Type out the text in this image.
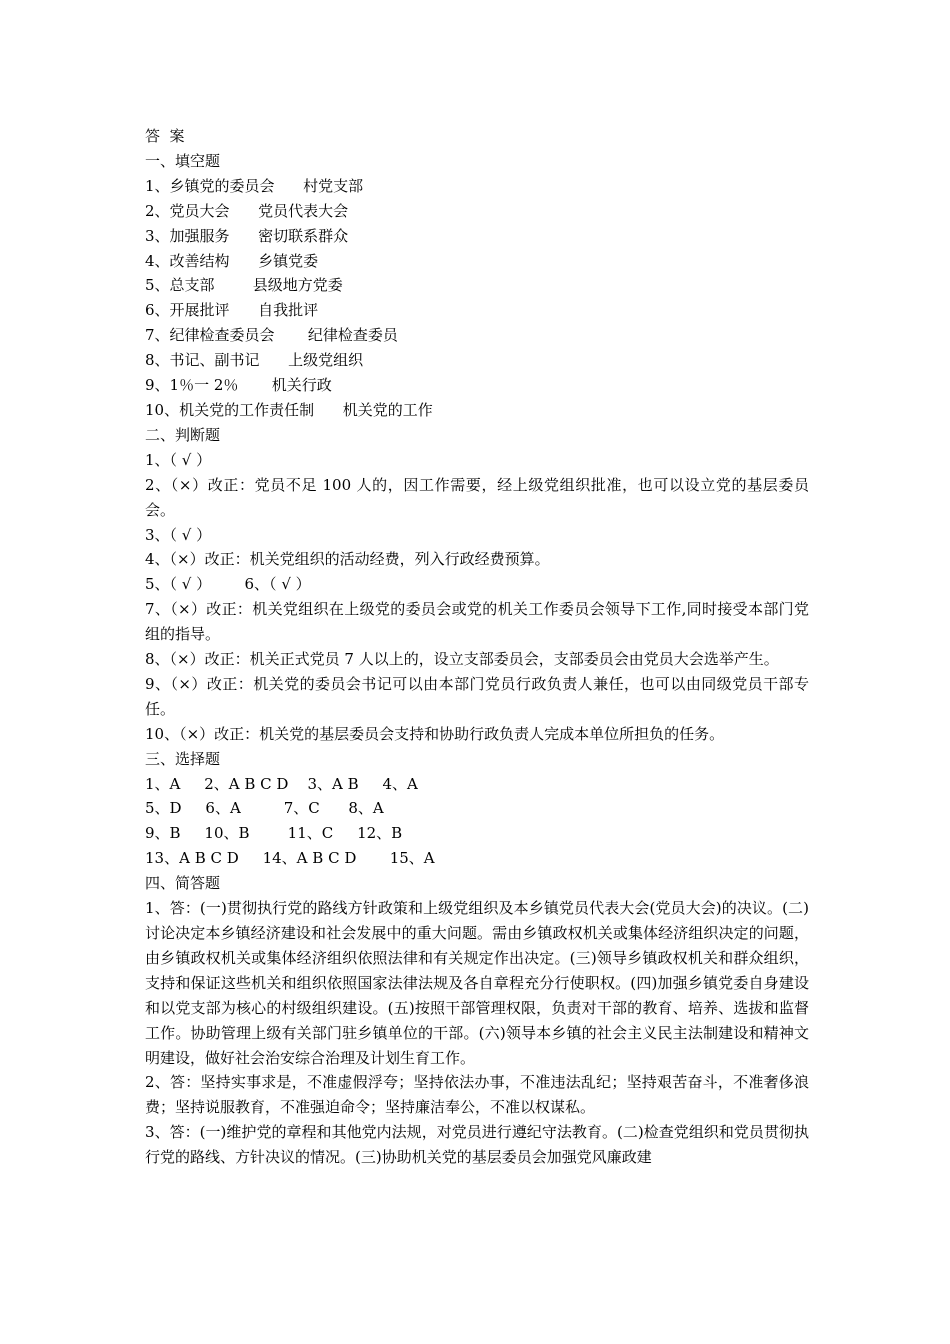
答  案
一、填空题
1、乡镇党的委员会      村党支部
2、党员大会      党员代表大会
3、加强服务      密切联系群众
4、改善结构      乡镇党委
5、总支部        县级地方党委
6、开展批评      自我批评
7、纪律检查委员会       纪律检查委员
8、书记、副书记      上级党组织
9、1％一 2％       机关行政
10、机关党的工作责任制      机关党的工作
二、判断题
1、（ √ ）
2、（×）改正：党员不足 100 人的，因工作需要，经上级党组织批准，也可以设立党的基层委员会。
3、（ √ ）
4、（×）改正：机关党组织的活动经费，列入行政经费预算。
5、（ √ ）       6、（ √ ）
7、（×）改正：机关党组织在上级党的委员会或党的机关工作委员会领导下工作,同时接受本部门党组的指导。
8、（×）改正：机关正式党员 7 人以上的，设立支部委员会，支部委员会由党员大会选举产生。
9、（×）改正：机关党的委员会书记可以由本部门党员行政负责人兼任，也可以由同级党员干部专任。
10、（×）改正：机关党的基层委员会支持和协助行政负责人完成本单位所担负的任务。
三、选择题
1、A     2、A B C D    3、A B     4、A
5、D     6、A         7、C      8、A
9、B     10、B        11、C     12、B
13、A B C D     14、A B C D       15、A
四、简答题
1、答：(一)贯彻执行党的路线方针政策和上级党组织及本乡镇党员代表大会(党员大会)的决议。(二)讨论决定本乡镇经济建设和社会发展中的重大问题。需由乡镇政权机关或集体经济组织决定的问题，由乡镇政权机关或集体经济组织依照法律和有关规定作出决定。(三)领导乡镇政权机关和群众组织，支持和保证这些机关和组织依照国家法律法规及各自章程充分行使职权。(四)加强乡镇党委自身建设和以党支部为核心的村级组织建设。(五)按照干部管理权限，负责对干部的教育、培养、选拔和监督工作。协助管理上级有关部门驻乡镇单位的干部。(六)领导本乡镇的社会主义民主法制建设和精神文明建设，做好社会治安综合治理及计划生育工作。
2、答：坚持实事求是，不准虚假浮夸；坚持依法办事，不准违法乱纪；坚持艰苦奋斗，不准奢侈浪费；坚持说服教育，不准强迫命令；坚持廉洁奉公，不准以权谋私。
3、答：(一)维护党的章程和其他党内法规，对党员进行遵纪守法教育。(二)检查党组织和党员贯彻执行党的路线、方针决议的情况。(三)协助机关党的基层委员会加强党风廉政建
